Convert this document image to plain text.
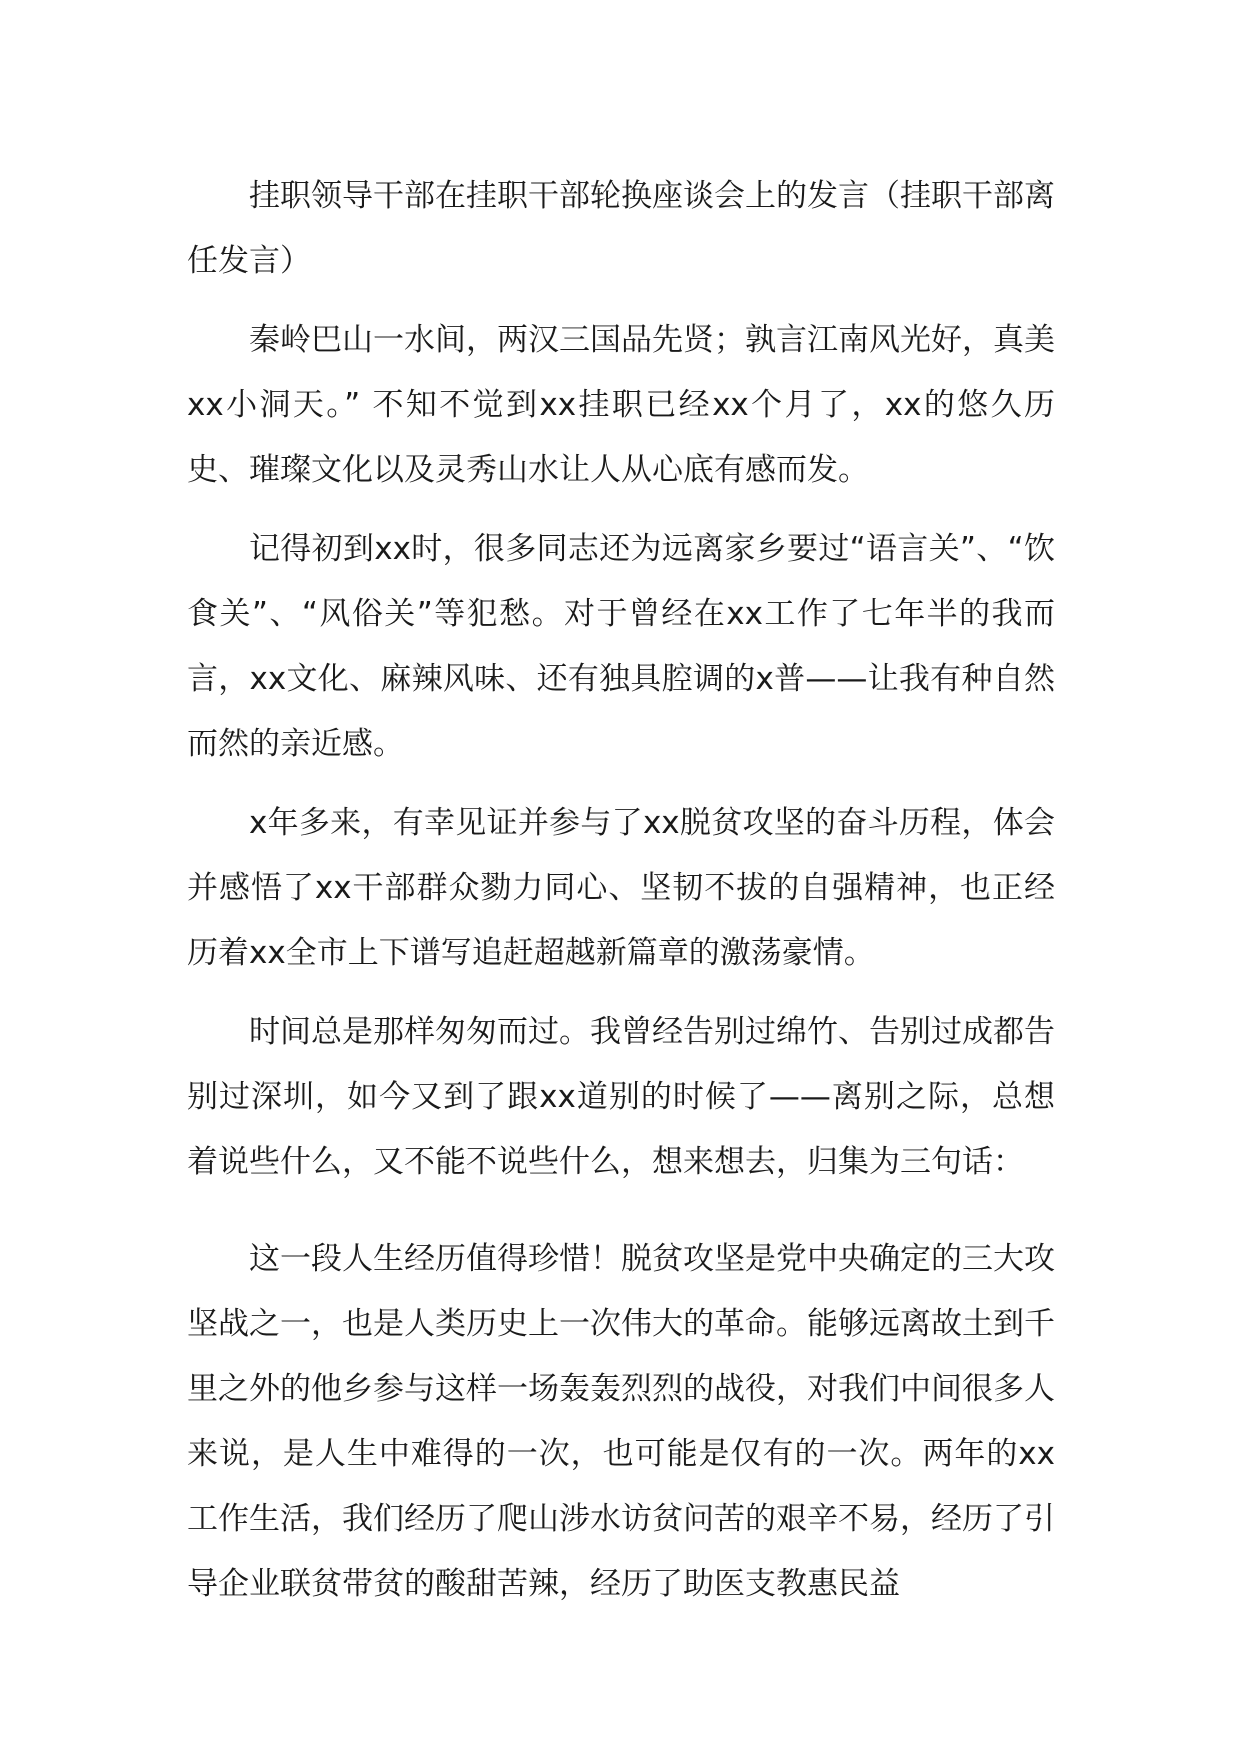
挂职领导干部在挂职干部轮换座谈会上的发言（挂职干部离任发言）

秦岭巴山一水间，两汉三国品先贤；孰言江南风光好，真美xx小洞天。” 不知不觉到xx挂职已经xx个月了，xx的悠久历史、璀璨文化以及灵秀山水让人从心底有感而发。

记得初到xx时，很多同志还为远离家乡要过“语言关”、“饮食关”、“风俗关”等犯愁。对于曾经在xx工作了七年半的我而言，xx文化、麻辣风味、还有独具腔调的x普——让我有种自然而然的亲近感。

x年多来，有幸见证并参与了xx脱贫攻坚的奋斗历程，体会并感悟了xx干部群众勠力同心、坚韧不拔的自强精神，也正经历着xx全市上下谱写追赶超越新篇章的激荡豪情。

时间总是那样匆匆而过。我曾经告别过绵竹、告别过成都告别过深圳，如今又到了跟xx道别的时候了——离别之际，总想着说些什么，又不能不说些什么，想来想去，归集为三句话：

这一段人生经历值得珍惜！脱贫攻坚是党中央确定的三大攻坚战之一，也是人类历史上一次伟大的革命。能够远离故土到千里之外的他乡参与这样一场轰轰烈烈的战役，对我们中间很多人来说，是人生中难得的一次，也可能是仅有的一次。两年的xx工作生活，我们经历了爬山涉水访贫问苦的艰辛不易，经历了引导企业联贫带贫的酸甜苦辣，经历了助医支教惠民益
